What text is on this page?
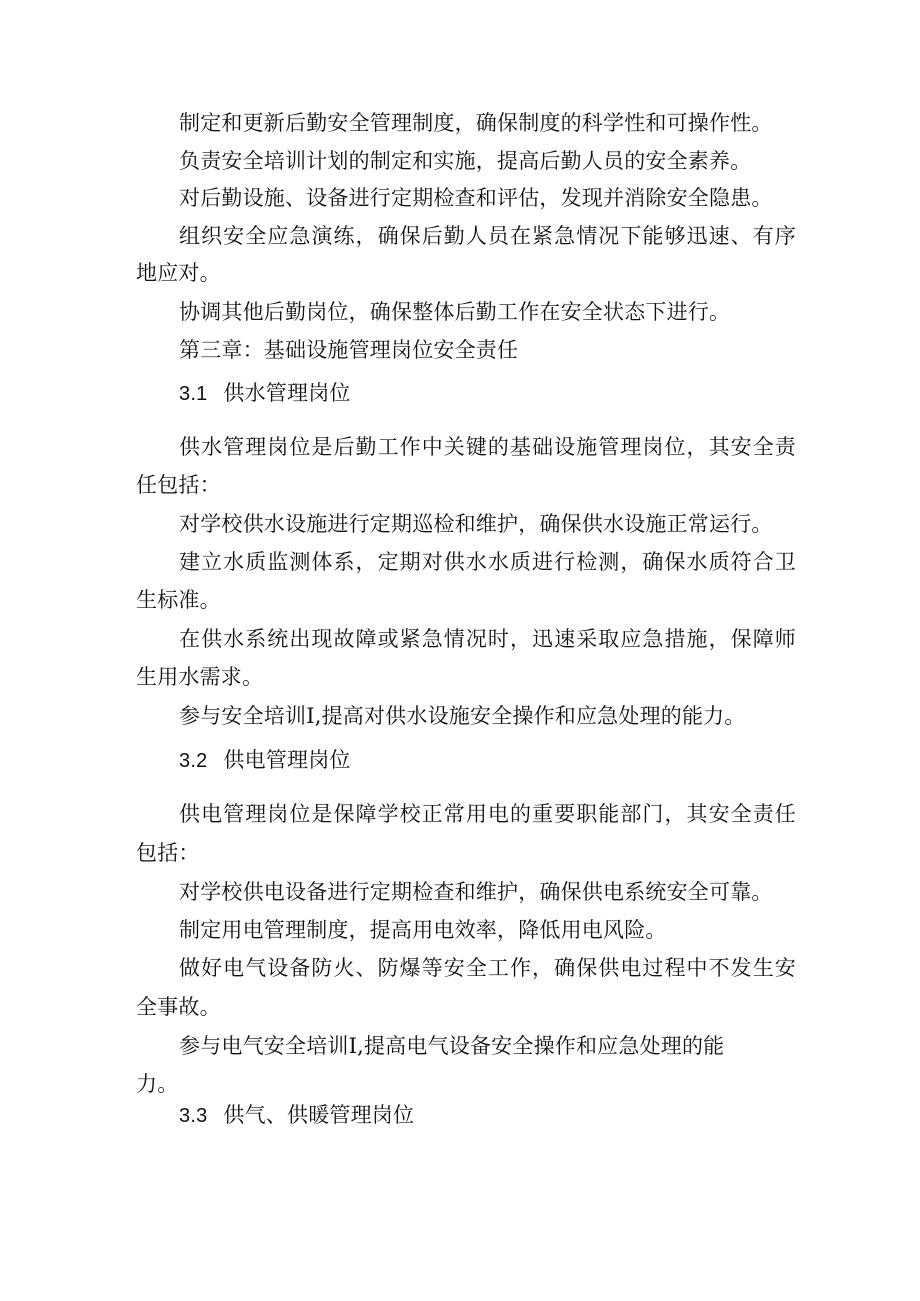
制定和更新后勤安全管理制度，确保制度的科学性和可操作性。
负责安全培训计划的制定和实施，提高后勤人员的安全素养。
对后勤设施、设备进行定期检查和评估，发现并消除安全隐患。
组织安全应急演练，确保后勤人员在紧急情况下能够迅速、有序
地应对。
协调其他后勤岗位，确保整体后勤工作在安全状态下进行。
第三章：基础设施管理岗位安全责任
3.1 供水管理岗位
供水管理岗位是后勤工作中关键的基础设施管理岗位，其安全责
任包括：
对学校供水设施进行定期巡检和维护，确保供水设施正常运行。
建立水质监测体系，定期对供水水质进行检测，确保水质符合卫
生标准。
在供水系统出现故障或紧急情况时，迅速采取应急措施，保障师
生用水需求。
参与安全培训I,提高对供水设施安全操作和应急处理的能力。
3.2 供电管理岗位
供电管理岗位是保障学校正常用电的重要职能部门，其安全责任
包括：
对学校供电设备进行定期检查和维护，确保供电系统安全可靠。
制定用电管理制度，提高用电效率，降低用电风险。
做好电气设备防火、防爆等安全工作，确保供电过程中不发生安
全事故。
参与电气安全培训I,提高电气设备安全操作和应急处理的能
力。
3.3 供气、供暖管理岗位
